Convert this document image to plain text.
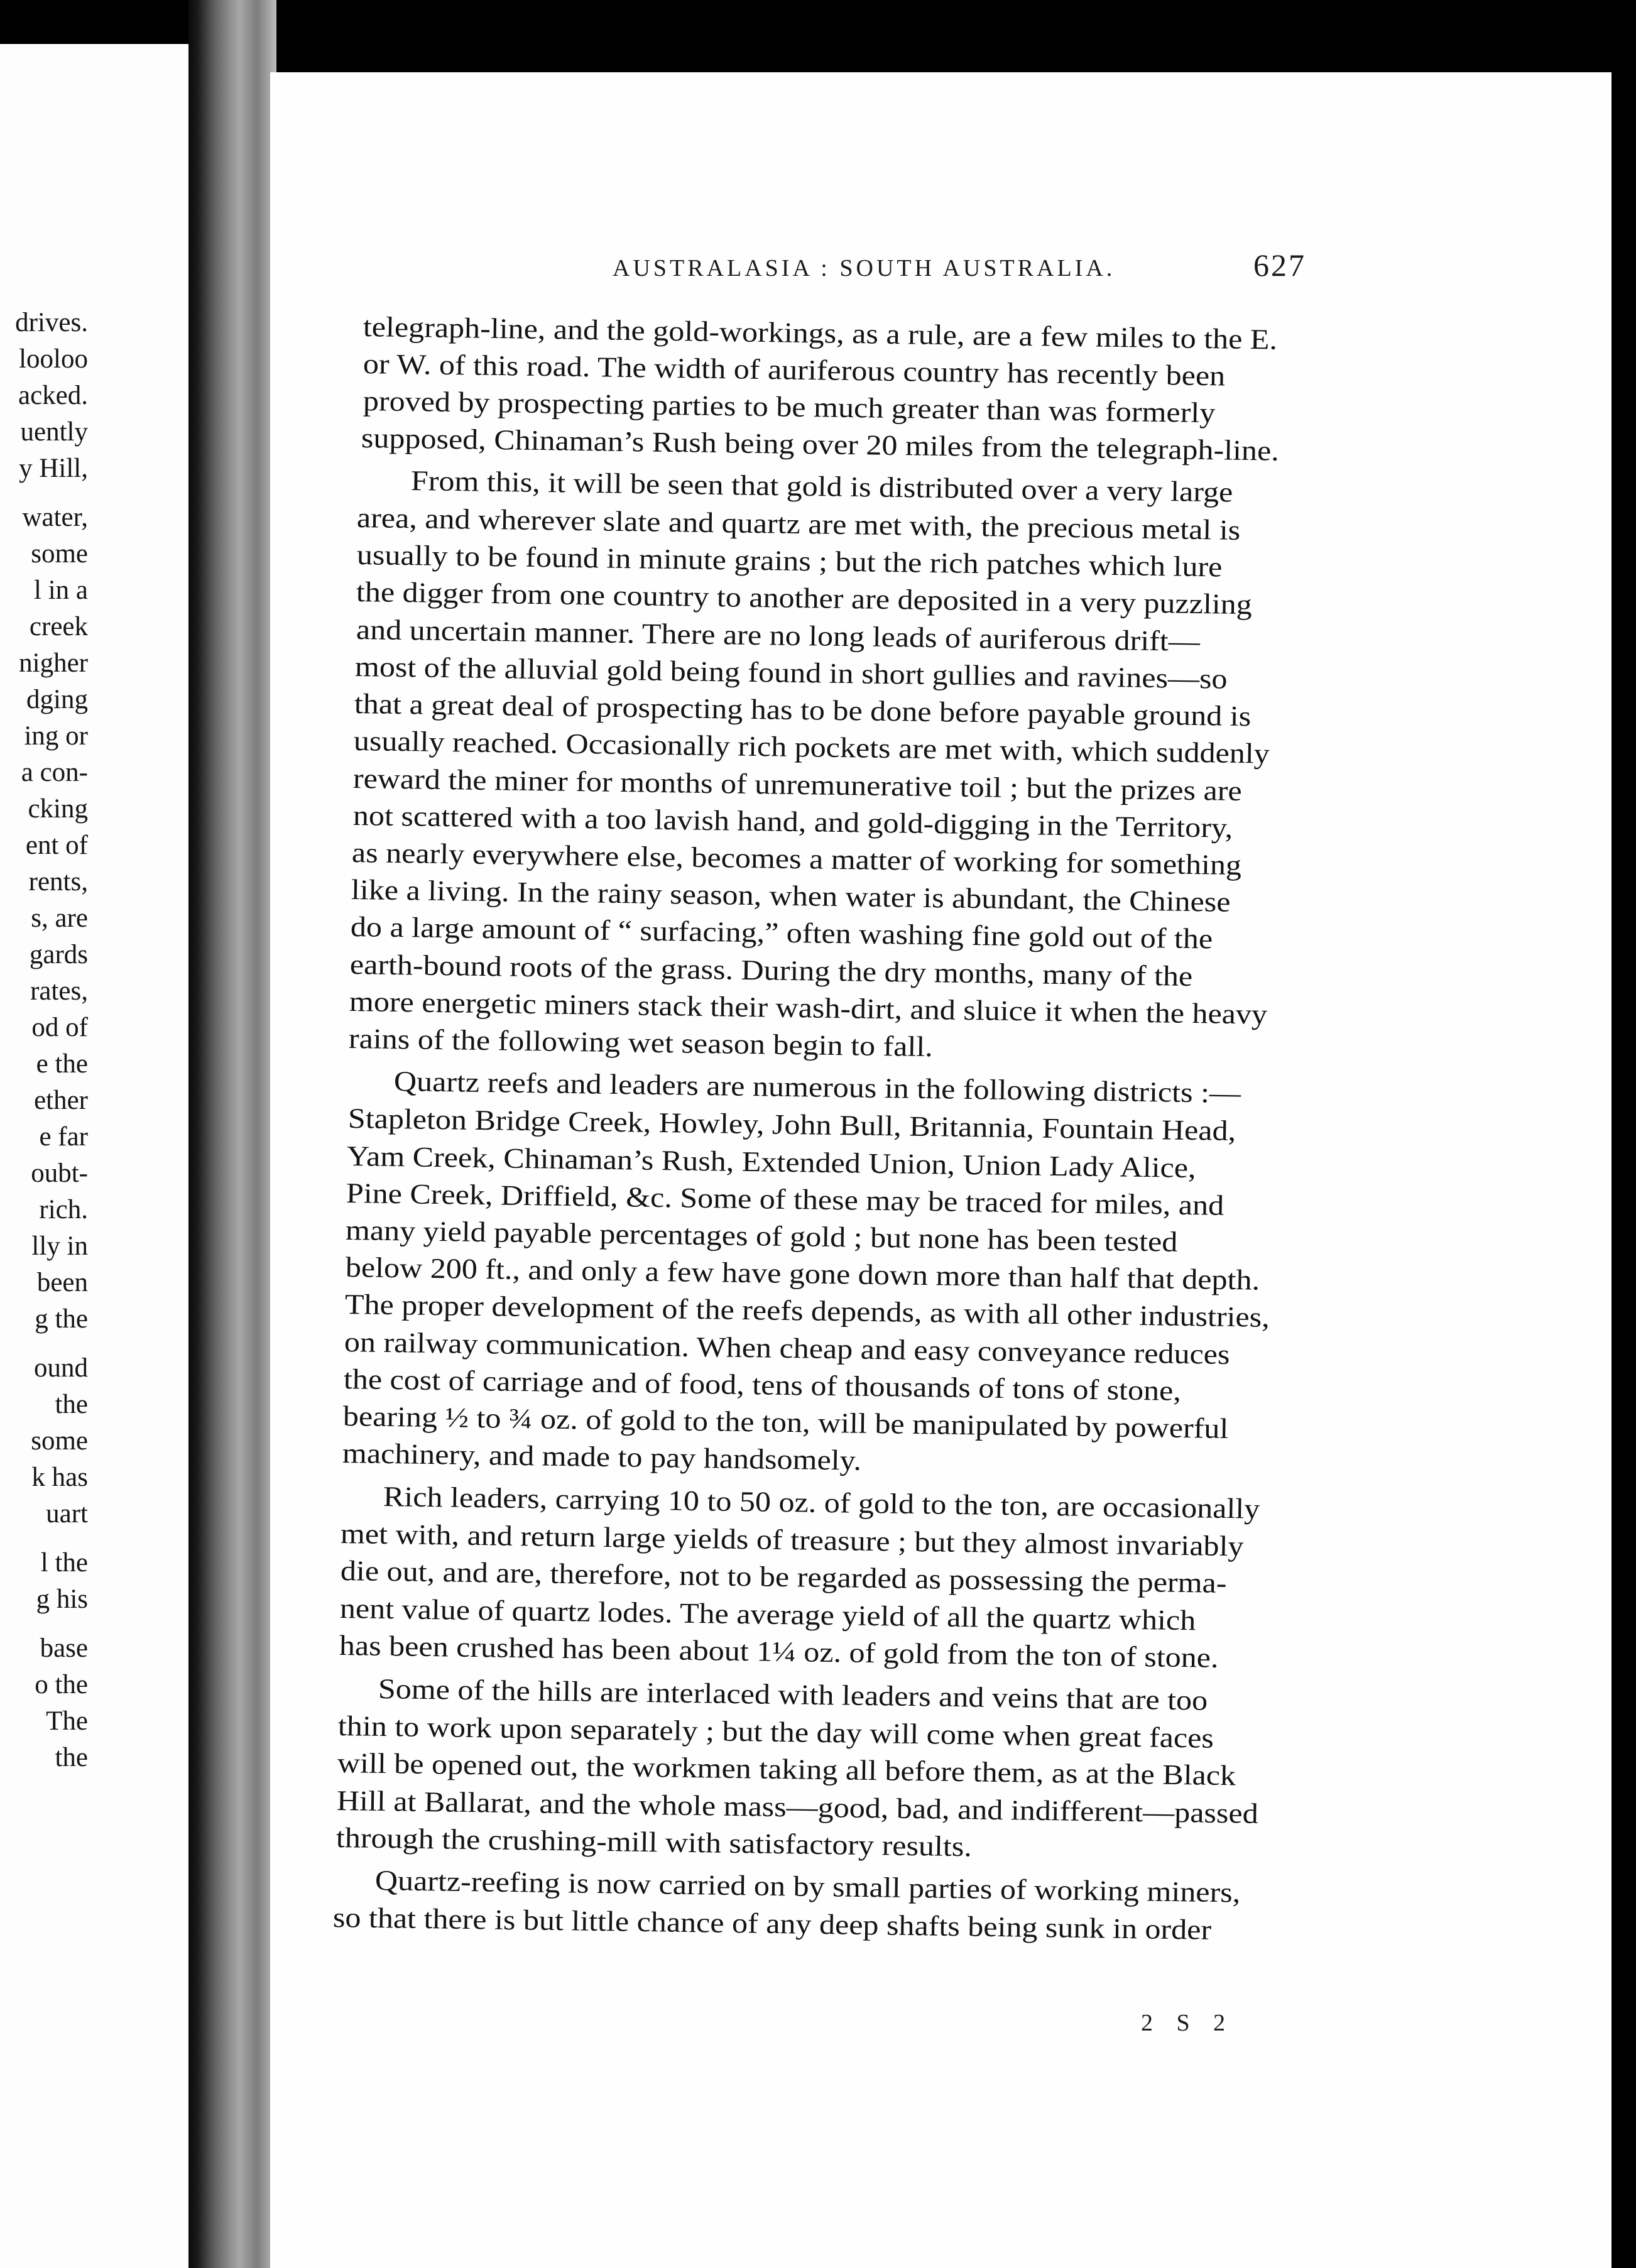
drives.
looloo
acked.
uently
y Hill,
water,
some
l in a
creek
nigher
dging
ing or
a con-
cking
ent of
rents,
s, are
gards
rates,
od of
e the
ether
e far
oubt-
rich.
lly in
been
g the
ound
the
some
k has
uart
l the
g his
base
o the
The
the
AUSTRALASIA : SOUTH AUSTRALIA.	627
telegraph-line, and the gold-workings, as a rule, are a few miles to the E.
or W. of this road. The width of auriferous country has recently been
proved by prospecting parties to be much greater than was formerly
supposed, Chinaman’s Rush being over 20 miles from the telegraph-line.
From this, it will be seen that gold is distributed over a very large
area, and wherever slate and quartz are met with, the precious metal is
usually to be found in minute grains ; but the rich patches which lure
the digger from one country to another are deposited in a very puzzling
and uncertain manner. There are no long leads of auriferous drift—
most of the alluvial gold being found in short gullies and ravines—so
that a great deal of prospecting has to be done before payable ground is
usually reached. Occasionally rich pockets are met with, which suddenly
reward the miner for months of unremunerative toil ; but the prizes are
not scattered with a too lavish hand, and gold-digging in the Territory,
as nearly everywhere else, becomes a matter of working for something
like a living. In the rainy season, when water is abundant, the Chinese
do a large amount of “ surfacing,” often washing fine gold out of the
earth-bound roots of the grass. During the dry months, many of the
more energetic miners stack their wash-dirt, and sluice it when the heavy
rains of the following wet season begin to fall.
Quartz reefs and leaders are numerous in the following districts :—
Stapleton Bridge Creek, Howley, John Bull, Britannia, Fountain Head,
Yam Creek, Chinaman’s Rush, Extended Union, Union Lady Alice,
Pine Creek, Driffield, &c. Some of these may be traced for miles, and
many yield payable percentages of gold ; but none has been tested
below 200 ft., and only a few have gone down more than half that depth.
The proper development of the reefs depends, as with all other industries,
on railway communication. When cheap and easy conveyance reduces
the cost of carriage and of food, tens of thousands of tons of stone,
bearing ½ to ¾ oz. of gold to the ton, will be manipulated by powerful
machinery, and made to pay handsomely.
Rich leaders, carrying 10 to 50 oz. of gold to the ton, are occasionally
met with, and return large yields of treasure ; but they almost invariably
die out, and are, therefore, not to be regarded as possessing the perma-
nent value of quartz lodes. The average yield of all the quartz which
has been crushed has been about 1¼ oz. of gold from the ton of stone.
Some of the hills are interlaced with leaders and veins that are too
thin to work upon separately ; but the day will come when great faces
will be opened out, the workmen taking all before them, as at the Black
Hill at Ballarat, and the whole mass—good, bad, and indifferent—passed
through the crushing-mill with satisfactory results.
Quartz-reefing is now carried on by small parties of working miners,
so that there is but little chance of any deep shafts being sunk in order
2 S 2
